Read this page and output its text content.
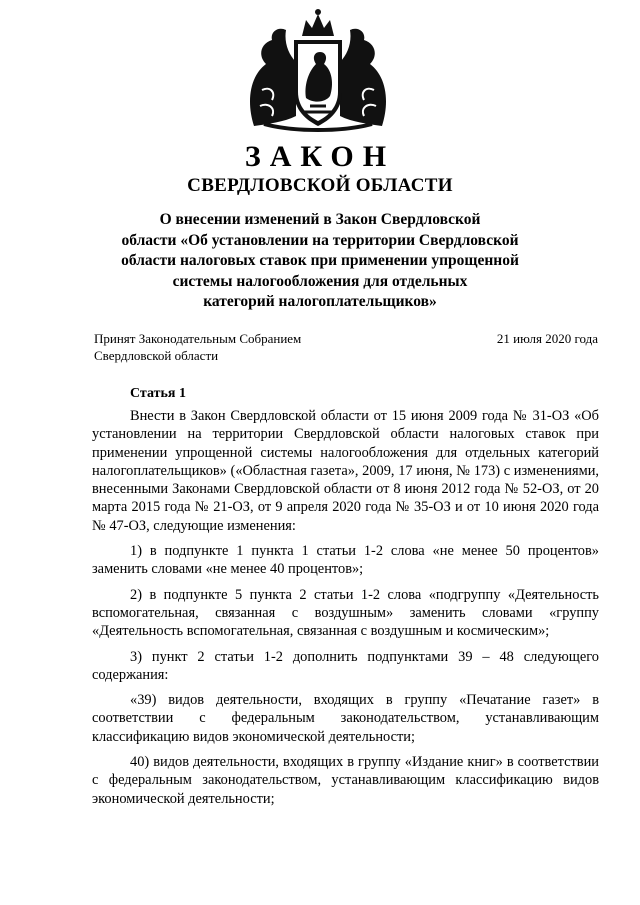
ЗАКОН
СВЕРДЛОВСКОЙ ОБЛАСТИ
О внесении изменений в Закон Свердловской
области «Об установлении на территории Свердловской
области налоговых ставок при применении упрощенной
системы налогообложения для отдельных
категорий налогоплательщиков»
Принят Законодательным Собранием
Свердловской области
21 июля 2020 года
Статья 1

Внести в Закон Свердловской области от 15 июня 2009 года № 31-ОЗ «Об установлении на территории Свердловской области налоговых ставок при применении упрощенной системы налогообложения для отдельных категорий налогоплательщиков» («Областная газета», 2009, 17 июня, № 173) с изменениями, внесенными Законами Свердловской области от 8 июня 2012 года № 52-ОЗ, от 20 марта 2015 года № 21-ОЗ, от 9 апреля 2020 года № 35-ОЗ и от 10 июня 2020 года № 47-ОЗ, следующие изменения:

1) в подпункте 1 пункта 1 статьи 1-2 слова «не менее 50 процентов» заменить словами «не менее 40 процентов»;

2) в подпункте 5 пункта 2 статьи 1-2 слова «подгруппу «Деятельность вспомогательная, связанная с воздушным» заменить словами «группу «Деятельность вспомогательная, связанная с воздушным и космическим»;

3) пункт 2 статьи 1-2 дополнить подпунктами 39 – 48 следующего содержания:

«39) видов деятельности, входящих в группу «Печатание газет» в соответствии с федеральным законодательством, устанавливающим классификацию видов экономической деятельности;

40) видов деятельности, входящих в группу «Издание книг» в соответствии с федеральным законодательством, устанавливающим классификацию видов экономической деятельности;
